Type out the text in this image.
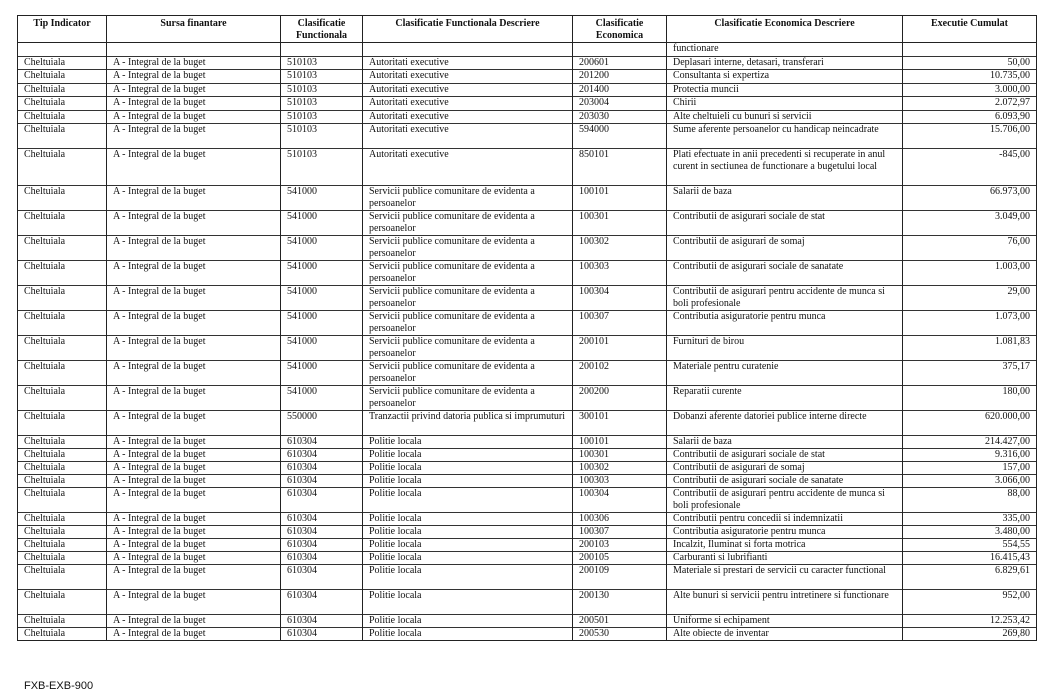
Tip Indicator	Sursa finantare	Clasificatie Functionala	Clasificatie Functionala Descriere	Clasificatie Economica	Clasificatie Economica Descriere	Executie Cumulat
					functionare	
Cheltuiala	A - Integral de la buget	510103	Autoritati executive	200601	Deplasari interne, detasari, transferari	50,00
Cheltuiala	A - Integral de la buget	510103	Autoritati executive	201200	Consultanta si expertiza	10.735,00
Cheltuiala	A - Integral de la buget	510103	Autoritati executive	201400	Protectia muncii	3.000,00
Cheltuiala	A - Integral de la buget	510103	Autoritati executive	203004	Chirii	2.072,97
Cheltuiala	A - Integral de la buget	510103	Autoritati executive	203030	Alte cheltuieli cu bunuri si servicii	6.093,90
Cheltuiala	A - Integral de la buget	510103	Autoritati executive	594000	Sume aferente persoanelor cu handicap neincadrate	15.706,00
Cheltuiala	A - Integral de la buget	510103	Autoritati executive	850101	Plati efectuate in anii precedenti si recuperate in anul curent in sectiunea de functionare a bugetului local	-845,00
Cheltuiala	A - Integral de la buget	541000	Servicii publice comunitare de evidenta a persoanelor	100101	Salarii de baza	66.973,00
Cheltuiala	A - Integral de la buget	541000	Servicii publice comunitare de evidenta a persoanelor	100301	Contributii de asigurari sociale de stat	3.049,00
Cheltuiala	A - Integral de la buget	541000	Servicii publice comunitare de evidenta a persoanelor	100302	Contributii de asigurari de somaj	76,00
Cheltuiala	A - Integral de la buget	541000	Servicii publice comunitare de evidenta a persoanelor	100303	Contributii de asigurari sociale de sanatate	1.003,00
Cheltuiala	A - Integral de la buget	541000	Servicii publice comunitare de evidenta a persoanelor	100304	Contributii de asigurari pentru accidente de munca si boli profesionale	29,00
Cheltuiala	A - Integral de la buget	541000	Servicii publice comunitare de evidenta a persoanelor	100307	Contributia asiguratorie pentru munca	1.073,00
Cheltuiala	A - Integral de la buget	541000	Servicii publice comunitare de evidenta a persoanelor	200101	Furnituri de birou	1.081,83
Cheltuiala	A - Integral de la buget	541000	Servicii publice comunitare de evidenta a persoanelor	200102	Materiale pentru curatenie	375,17
Cheltuiala	A - Integral de la buget	541000	Servicii publice comunitare de evidenta a persoanelor	200200	Reparatii curente	180,00
Cheltuiala	A - Integral de la buget	550000	Tranzactii privind datoria publica si imprumuturi	300101	Dobanzi aferente datoriei publice interne directe	620.000,00
Cheltuiala	A - Integral de la buget	610304	Politie locala	100101	Salarii de baza	214.427,00
Cheltuiala	A - Integral de la buget	610304	Politie locala	100301	Contributii de asigurari sociale de stat	9.316,00
Cheltuiala	A - Integral de la buget	610304	Politie locala	100302	Contributii de asigurari de somaj	157,00
Cheltuiala	A - Integral de la buget	610304	Politie locala	100303	Contributii de asigurari sociale de sanatate	3.066,00
Cheltuiala	A - Integral de la buget	610304	Politie locala	100304	Contributii de asigurari pentru accidente de munca si boli profesionale	88,00
Cheltuiala	A - Integral de la buget	610304	Politie locala	100306	Contributii pentru concedii si indemnizatii	335,00
Cheltuiala	A - Integral de la buget	610304	Politie locala	100307	Contributia asiguratorie pentru munca	3.480,00
Cheltuiala	A - Integral de la buget	610304	Politie locala	200103	Incalzit, Iluminat si forta motrica	554,55
Cheltuiala	A - Integral de la buget	610304	Politie locala	200105	Carburanti si lubrifianti	16.415,43
Cheltuiala	A - Integral de la buget	610304	Politie locala	200109	Materiale si prestari de servicii cu caracter functional	6.829,61
Cheltuiala	A - Integral de la buget	610304	Politie locala	200130	Alte bunuri si servicii pentru intretinere si functionare	952,00
Cheltuiala	A - Integral de la buget	610304	Politie locala	200501	Uniforme si echipament	12.253,42
Cheltuiala	A - Integral de la buget	610304	Politie locala	200530	Alte obiecte de inventar	269,80
FXB-EXB-900
